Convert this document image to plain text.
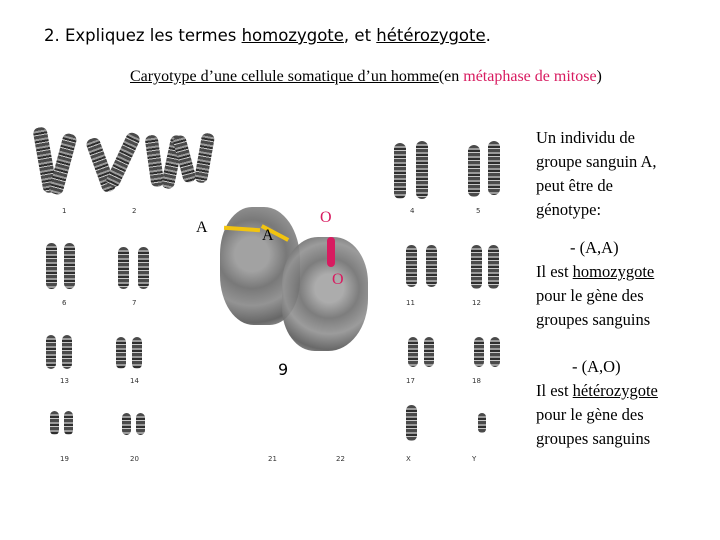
2. Expliquez les termes homozygote, et hétérozygote.
Caryotype d’une cellule somatique d’un homme(en métaphase de mitose)
1	2	4	5
6	7	11	12
13	14	17	18
19	20	21	22	X	Y
A	A
O
O
9
Un individu de
groupe sanguin A,
peut être de
génotype:
- (A,A)
Il est homozygote
pour le gène des
groupes sanguins
- (A,O)
Il est hétérozygote
pour le gène des
groupes sanguins
